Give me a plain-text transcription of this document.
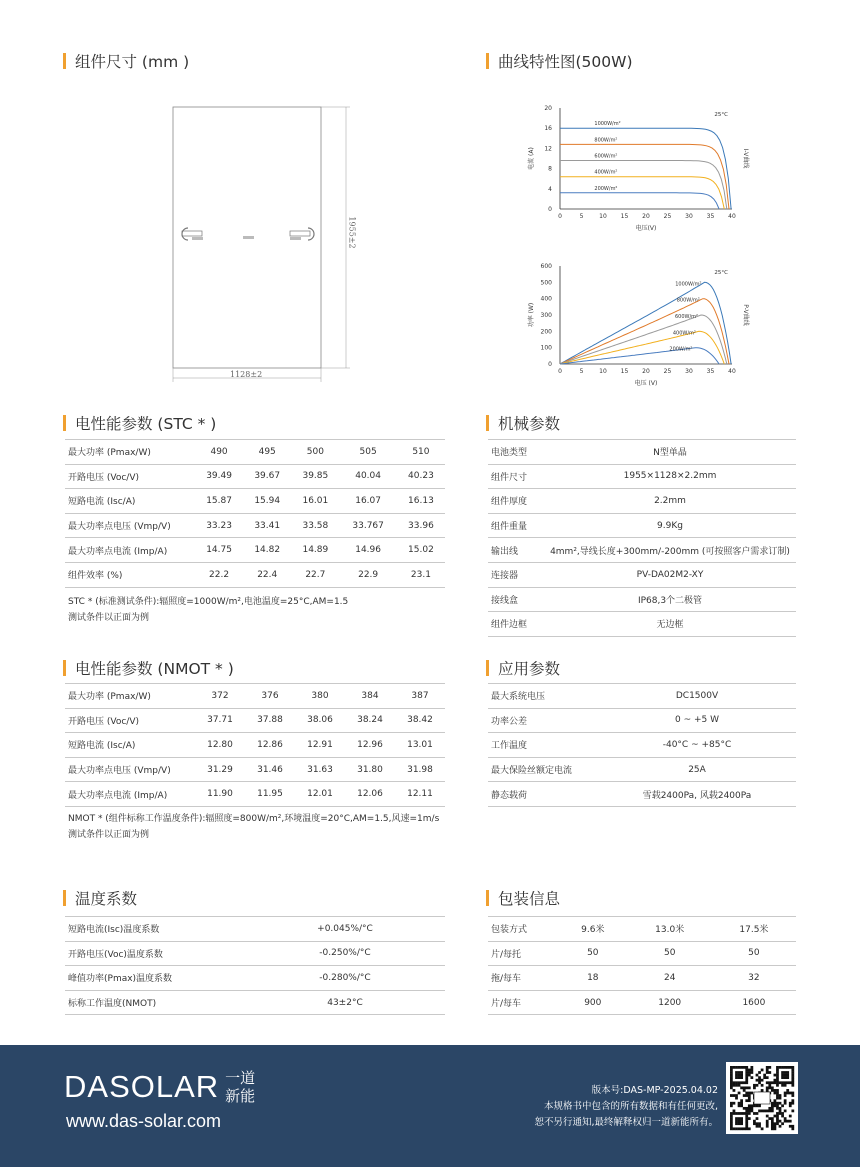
组件尺寸 (mm )	曲线特性图(500W)
电性能参数 (STC * )	机械参数
电性能参数 (NMOT * )	应用参数
温度系数	包装信息
1955±2
1128±2
0	5	10 15 20 25 30 35 40
0
4
8
12
16
20
电压(V)
电流 (A)	I-V曲线
25°C
1000W/m²
800W/m²
600W/m²
400W/m²
200W/m²
0	5	10 15 20 25 30 35 40
0
100
200
300
400
500
600
电压 (V)
功率 (W)	P-V曲线
25°C
1000W/m²
800W/m²
600W/m²
400W/m²
200W/m²
最大功率 (Pmax/W)	490	495	500	505	510
开路电压 (Voc/V)	39.49	39.67	39.85	40.04	40.23
短路电流 (Isc/A)	15.87	15.94	16.01	16.07	16.13
最大功率点电压 (Vmp/V)	33.23	33.41	33.58	33.767	33.96
最大功率点电流 (Imp/A)	14.75	14.82	14.89	14.96	15.02
组件效率 (%)	22.2	22.4	22.7	22.9	23.1
STC * (标准测试条件):辐照度=1000W/m²,电池温度=25°C,AM=1.5
测试条件以正面为例
电池类型	N型单晶
组件尺寸	1955×1128×2.2mm
组件厚度	2.2mm
组件重量	9.9Kg
输出线	4mm²,导线长度+300mm/-200mm (可按照客户需求订制)
连接器	PV-DA02M2-XY
接线盒	IP68,3个二极管
组件边框	无边框
最大功率 (Pmax/W)	372	376	380	384	387
开路电压 (Voc/V)	37.71	37.88	38.06	38.24	38.42
短路电流 (Isc/A)	12.80	12.86	12.91	12.96	13.01
最大功率点电压 (Vmp/V)	31.29	31.46	31.63	31.80	31.98
最大功率点电流 (Imp/A)	11.90	11.95	12.01	12.06	12.11
NMOT * (组件标称工作温度条件):辐照度=800W/m²,环境温度=20°C,AM=1.5,风速=1m/s
测试条件以正面为例
最大系统电压	DC1500V
功率公差	0 ~ +5 W
工作温度	-40°C ~ +85°C
最大保险丝额定电流	25A
静态载荷	雪载2400Pa, 风载2400Pa
短路电流(Isc)温度系数	+0.045%/°C
开路电压(Voc)温度系数	-0.250%/°C
峰值功率(Pmax)温度系数	-0.280%/°C
标称工作温度(NMOT)	43±2°C
包装方式	9.6米	13.0米	17.5米
片/每托	50	50	50
拖/每车	18	24	32
片/每车	900	1200	1600
DASOLAR 一道
新能
www.das-solar.com
版本号:DAS-MP-2025.04.02
本规格书中包含的所有数据和有任何更改,
恕不另行通知,最终解释权归一道新能所有。
